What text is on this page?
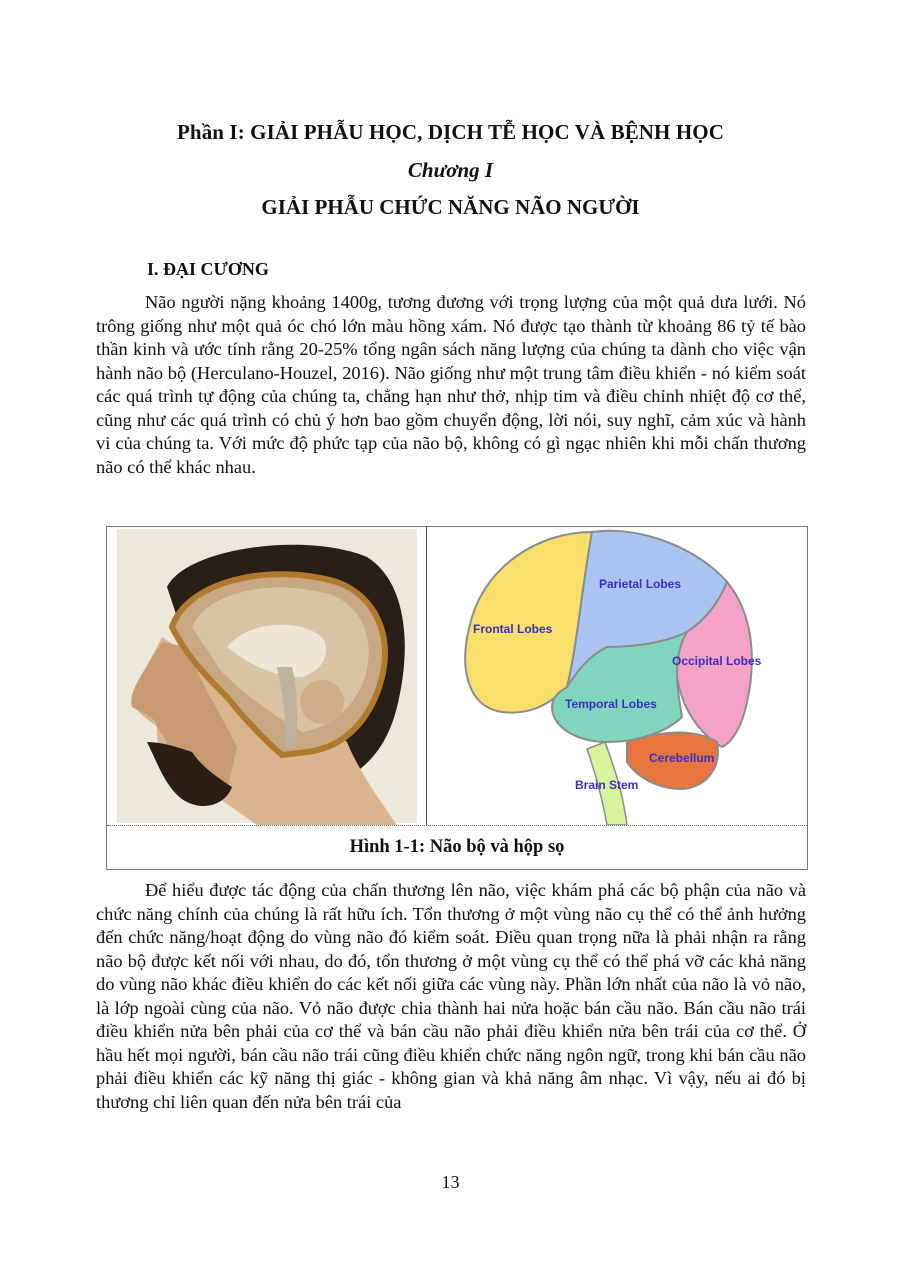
Phần I: GIẢI PHẪU HỌC, DỊCH TỄ HỌC VÀ BỆNH HỌC
Chương I
GIẢI PHẪU CHỨC NĂNG NÃO NGƯỜI
I. ĐẠI CƯƠNG

Não người nặng khoảng 1400g, tương đương với trọng lượng của một quả dưa lưới. Nó trông giống như một quả óc chó lớn màu hồng xám. Nó được tạo thành từ khoảng 86 tỷ tế bào thần kinh và ước tính rằng 20-25% tổng ngân sách năng lượng của chúng ta dành cho việc vận hành não bộ (Herculano-Houzel, 2016). Não giống như một trung tâm điều khiển - nó kiểm soát các quá trình tự động của chúng ta, chẳng hạn như thở, nhịp tim và điều chỉnh nhiệt độ cơ thể, cũng như các quá trình có chủ ý hơn bao gồm chuyển động, lời nói, suy nghĩ, cảm xúc và hành vi của chúng ta. Với mức độ phức tạp của não bộ, không có gì ngạc nhiên khi mỗi chấn thương não có thể khác nhau.

Parietal Lobes
Frontal Lobes
Occipital Lobes
Temporal Lobes
Cerebellum
Brain Stem
Hình 1-1: Não bộ và hộp sọ

Để hiểu được tác động của chấn thương lên não, việc khám phá các bộ phận của não và chức năng chính của chúng là rất hữu ích. Tổn thương ở một vùng não cụ thể có thể ảnh hưởng đến chức năng/hoạt động do vùng não đó kiểm soát. Điều quan trọng nữa là phải nhận ra rằng não bộ được kết nối với nhau, do đó, tổn thương ở một vùng cụ thể có thể phá vỡ các khả năng do vùng não khác điều khiển do các kết nối giữa các vùng này. Phần lớn nhất của não là vỏ não, là lớp ngoài cùng của não. Vỏ não được chia thành hai nửa hoặc bán cầu não. Bán cầu não trái điều khiển nửa bên phải của cơ thể và bán cầu não phải điều khiển nửa bên trái của cơ thể. Ở hầu hết mọi người, bán cầu não trái cũng điều khiển chức năng ngôn ngữ, trong khi bán cầu não phải điều khiển các kỹ năng thị giác - không gian và khả năng âm nhạc. Vì vậy, nếu ai đó bị thương chỉ liên quan đến nửa bên trái của

13
